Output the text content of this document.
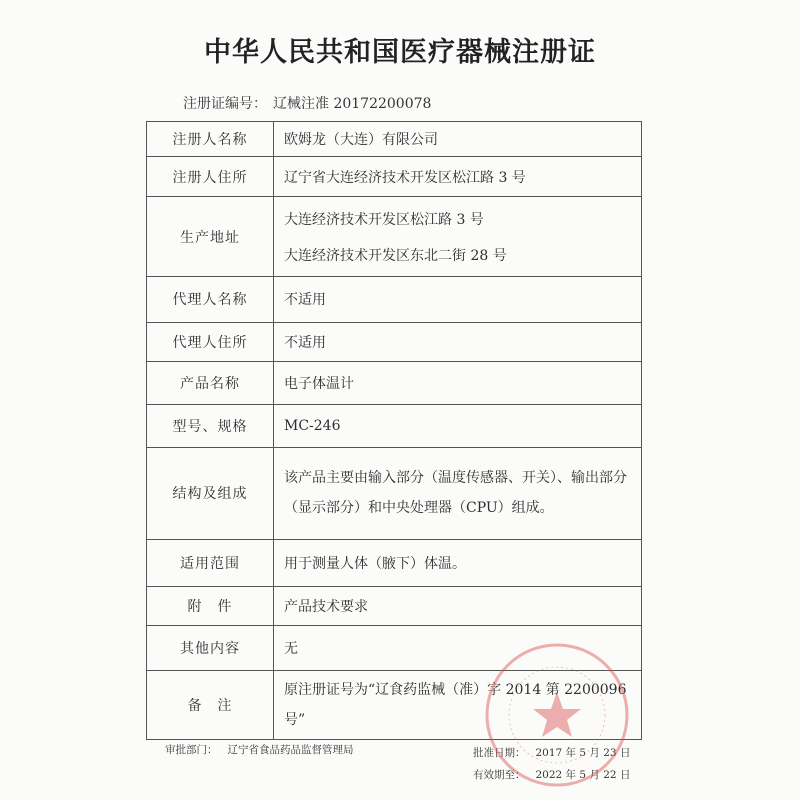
中华人民共和国医疗器械注册证
注册证编号： 辽械注准 20172200078
注册人名称	欧姆龙（大连）有限公司
注册人住所	辽宁省大连经济技术开发区松江路 3 号
生产地址	大连经济技术开发区松江路 3 号
大连经济技术开发区东北二街 28 号

代理人名称	不适用
代理人住所	不适用
产品名称	电子体温计
型号、规格	MC-246
结构及组成	该产品主要由输入部分（温度传感器、开关）、输出部分（显示部分）和中央处理器（CPU）组成。
适用范围	用于测量人体（腋下）体温。
附　件	产品技术要求
其他内容	无
备　注	原注册证号为“辽食药监械（准）字 2014 第 2200096 号”
审批部门： 辽宁省食品药品监督管理局	批准日期： 2017 年 5 月 23 日
有效期至： 2022 年 5 月 22 日
